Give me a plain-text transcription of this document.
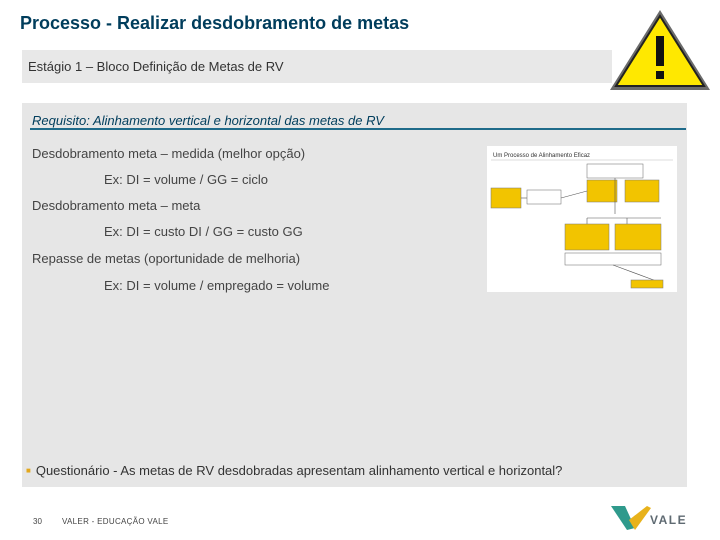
Processo - Realizar desdobramento de metas
Estágio 1 – Bloco Definição de Metas de RV
Requisito: Alinhamento vertical e horizontal das metas de RV
Desdobramento meta – medida (melhor opção)
Ex: DI = volume / GG = ciclo
Desdobramento meta – meta
Ex: DI = custo DI / GG = custo GG
Repasse de metas (oportunidade de melhoria)
Ex: DI = volume / empregado = volume
Um Processo de Alinhamento Eficaz
■ Questionário - As metas de RV desdobradas apresentam alinhamento vertical e horizontal?
30	VALER - EDUCAÇÃO VALE	VALE
